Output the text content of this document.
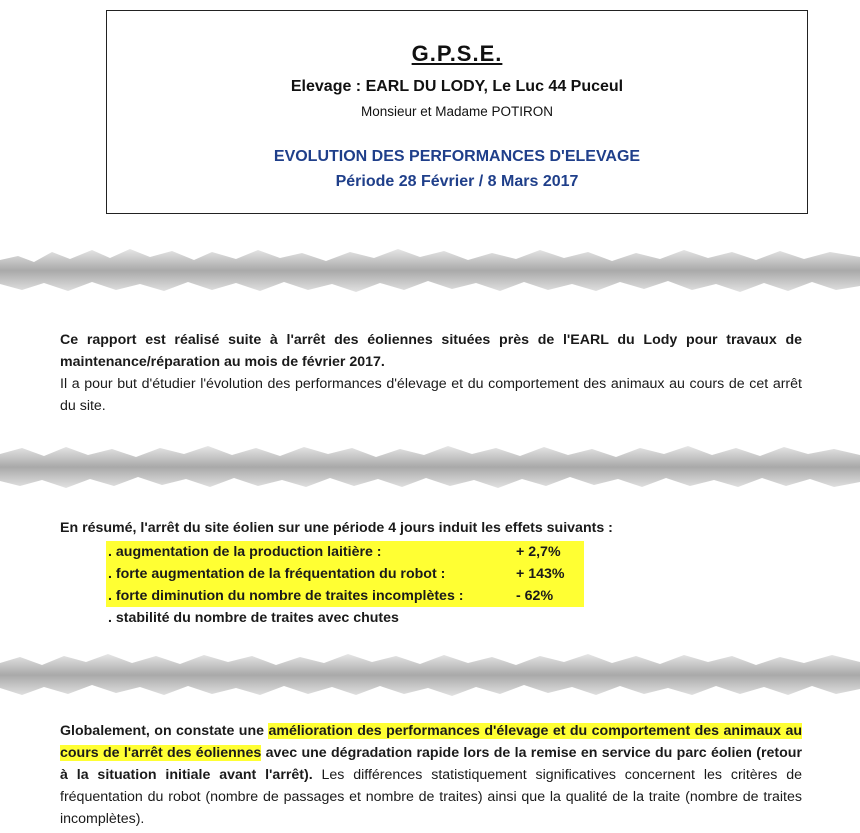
G.P.S.E.
Elevage : EARL DU LODY, Le Luc 44 Puceul
Monsieur et Madame POTIRON
EVOLUTION DES PERFORMANCES D'ELEVAGE
Période 28 Février / 8 Mars 2017
Ce rapport est réalisé suite à l'arrêt des éoliennes situées près de l'EARL du Lody pour travaux de maintenance/réparation au mois de février 2017.
Il a pour but d'étudier l'évolution des performances d'élevage et du comportement des animaux au cours de cet arrêt du site.
En résumé, l'arrêt du site éolien sur une période 4 jours induit les effets suivants :
. augmentation de la production laitière :	+ 2,7%
. forte augmentation de la fréquentation du robot :	+ 143%
. forte diminution du nombre de traites incomplètes :	- 62%
. stabilité du nombre de traites avec chutes
Globalement, on constate une amélioration des performances d'élevage et du comportement des animaux au cours de l'arrêt des éoliennes avec une dégradation rapide lors de la remise en service du parc éolien (retour à la situation initiale avant l'arrêt). Les différences statistiquement significatives concernent les critères de fréquentation du robot (nombre de passages et nombre de traites) ainsi que la qualité de la traite (nombre de traites incomplètes).
